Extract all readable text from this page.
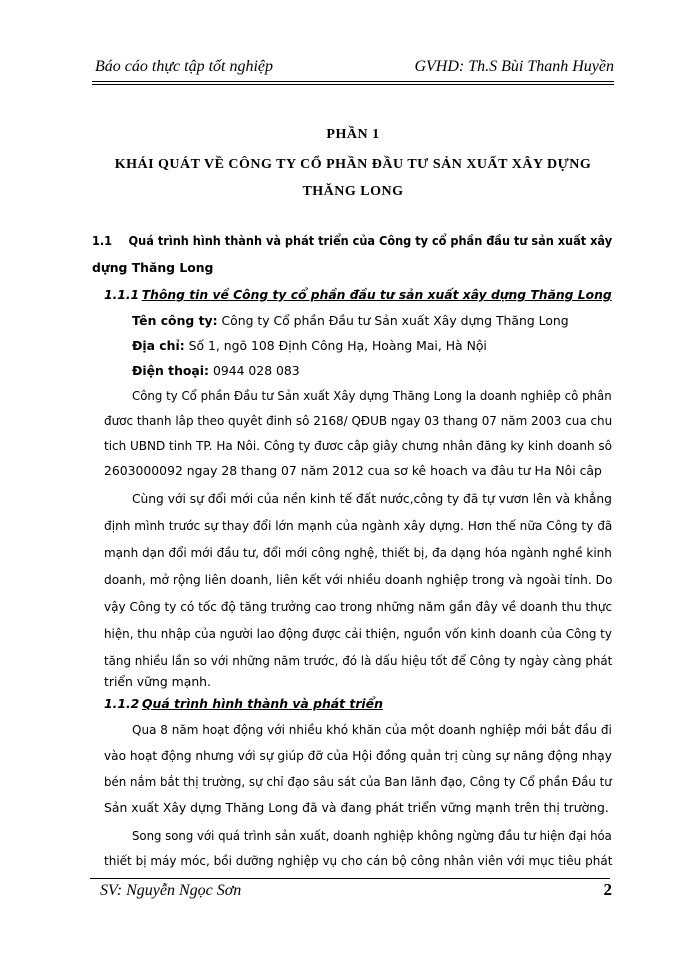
Báo cáo thực tập tốt nghiệp	GVHD: Th.S Bùi Thanh Huyền
PHẦN 1
KHÁI QUÁT VỀ CÔNG TY CỔ PHẦN ĐẦU TƯ SẢN XUẤT XÂY DỰNG
THĂNG LONG
1.1 Quá trình hình thành và phát triển của Công ty cổ phần đầu tư sản xuất xây
dựng Thăng Long
1.1.1 Thông tin về Công ty cổ phần đầu tư sản xuất xây dựng Thăng Long
Tên công ty: Công ty Cổ phần Đầu tư Sản xuất Xây dựng Thăng Long
Địa chỉ: Số 1, ngõ 108 Định Công Hạ, Hoàng Mai, Hà Nội
Điện thoại: 0944 028 083
Công ty Cổ phần Đầu tư Sản xuất Xây dựng Thăng Long la doanh nghiêp cô phân
đươc thanh lâp theo quyêt đinh sô 2168/ QĐUB ngay 03 thang 07 năm 2003 cua chu
tich UBND tinh TP. Ha Nôi. Công ty đươc câp giây chưng nhân đăng ky kinh doanh sô
2603000092 ngay 28 thang 07 năm 2012 cua sơ kê hoach va đâu tư Ha Nôi câp
Cùng với sự đổi mới của nền kinh tế đất nước,công ty đã tự vươn lên và khẳng
định mình trước sự thay đổi lớn mạnh của ngành xây dựng. Hơn thế nữa Công ty đã
mạnh dạn đổi mới đầu tư, đổi mới công nghệ, thiết bị, đa dạng hóa ngành nghề kinh
doanh, mở rộng liên doanh, liên kết với nhiều doanh nghiệp trong và ngoài tỉnh. Do
vậy Công ty có tốc độ tăng trưởng cao trong những năm gần đây về doanh thu thực
hiện, thu nhập của người lao động được cải thiện, nguồn vốn kinh doanh của Công ty
tăng nhiều lần so với những năm trước, đó là dấu hiệu tốt để Công ty ngày càng phát
triển vững mạnh.
1.1.2 Quá trình hình thành và phát triển
Qua 8 năm hoạt động với nhiều khó khăn của một doanh nghiệp mới bắt đầu đi
vào hoạt động nhưng với sự giúp đỡ của Hội đồng quản trị cùng sự năng động nhạy
bén nắm bắt thị trường, sự chỉ đạo sâu sát của Ban lãnh đạo, Công ty Cổ phần Đầu tư
Sản xuất Xây dựng Thăng Long đã và đang phát triển vững mạnh trên thị trường.
Song song với quá trình sản xuất, doanh nghiệp không ngừng đầu tư hiện đại hóa
thiết bị máy móc, bồi dưỡng nghiệp vụ cho cán bộ công nhân viên với mục tiêu phát
SV: Nguyễn Ngọc Sơn	2
